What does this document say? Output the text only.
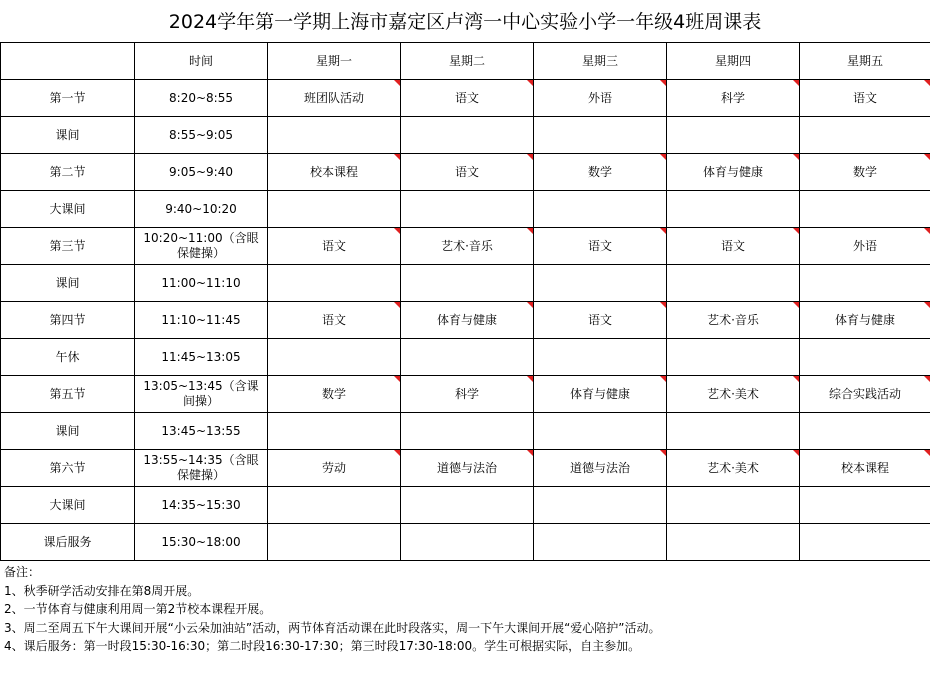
2024学年第一学期上海市嘉定区卢湾一中心实验小学一年级4班周课表
	时间	星期一	星期二	星期三	星期四	星期五
第一节	8:20~8:55	班团队活动	语文	外语	科学	语文

课间	8:55~9:05					
第二节	9:05~9:40	校本课程	语文	数学	体育与健康	数学

大课间	9:40~10:20					
第三节	10:20~11:00（含眼保健操）	语文	艺术·音乐	语文	语文	外语

课间	11:00~11:10					
第四节	11:10~11:45	语文	体育与健康	语文	艺术·音乐	体育与健康

午休	11:45~13:05					
第五节	13:05~13:45（含课间操）	数学	科学	体育与健康	艺术·美术	综合实践活动

课间	13:45~13:55					
第六节	13:55~14:35（含眼保健操）	劳动	道德与法治	道德与法治	艺术·美术	校本课程

大课间	14:35~15:30					
课后服务	15:30~18:00					
备注：
1、秋季研学活动安排在第8周开展。
2、一节体育与健康利用周一第2节校本课程开展。
3、周二至周五下午大课间开展“小云朵加油站”活动，两节体育活动课在此时段落实，周一下午大课间开展“爱心陪护”活动。
4、课后服务：第一时段15:30-16:30；第二时段16:30-17:30；第三时段17:30-18:00。学生可根据实际，自主参加。
